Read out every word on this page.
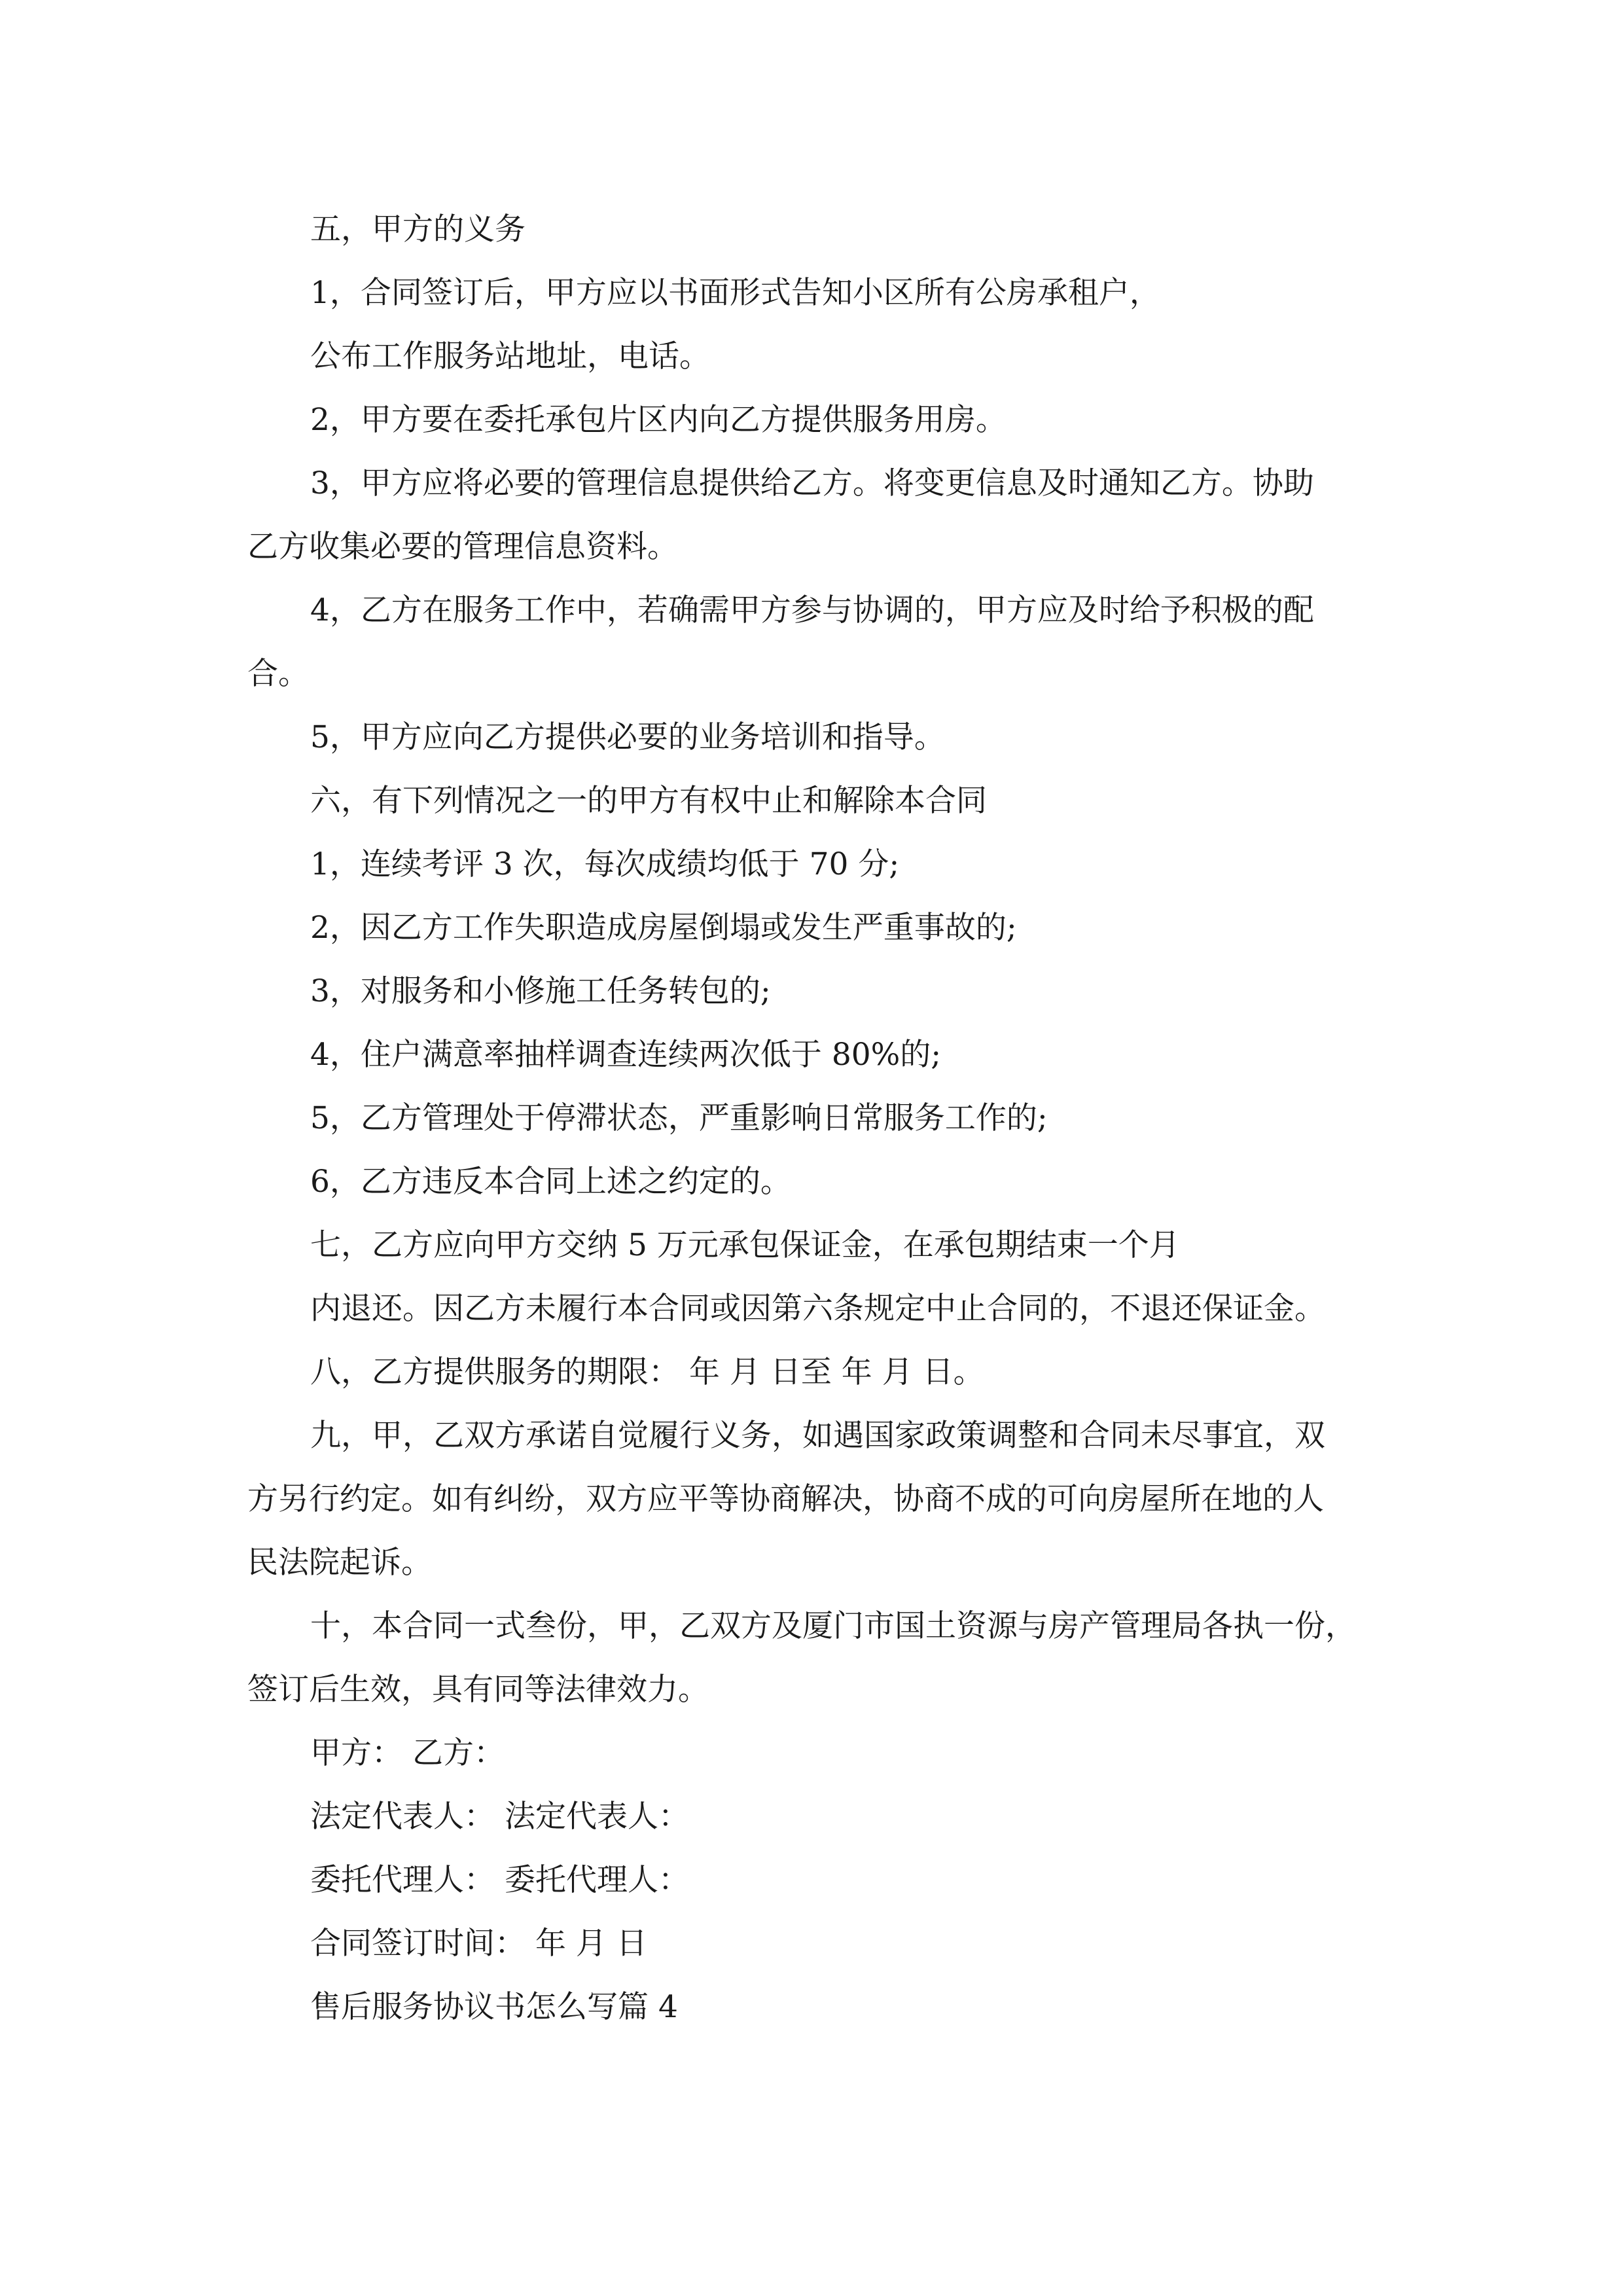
五，甲方的义务
1，合同签订后，甲方应以书面形式告知小区所有公房承租户，
公布工作服务站地址，电话。
2，甲方要在委托承包片区内向乙方提供服务用房。
3，甲方应将必要的管理信息提供给乙方。将变更信息及时通知乙方。协助
乙方收集必要的管理信息资料。
4，乙方在服务工作中，若确需甲方参与协调的，甲方应及时给予积极的配
合。
5，甲方应向乙方提供必要的业务培训和指导。
六，有下列情况之一的甲方有权中止和解除本合同
1，连续考评 3 次，每次成绩均低于 70 分;
2，因乙方工作失职造成房屋倒塌或发生严重事故的;
3，对服务和小修施工任务转包的;
4，住户满意率抽样调查连续两次低于 80%的;
5，乙方管理处于停滞状态，严重影响日常服务工作的;
6，乙方违反本合同上述之约定的。
七，乙方应向甲方交纳 5 万元承包保证金，在承包期结束一个月
内退还。因乙方未履行本合同或因第六条规定中止合同的，不退还保证金。
八，乙方提供服务的期限： 年 月 日至 年 月 日。
九，甲，乙双方承诺自觉履行义务，如遇国家政策调整和合同未尽事宜，双
方另行约定。如有纠纷，双方应平等协商解决，协商不成的可向房屋所在地的人
民法院起诉。
十，本合同一式叁份，甲，乙双方及厦门市国土资源与房产管理局各执一份，
签订后生效，具有同等法律效力。
甲方： 乙方：
法定代表人： 法定代表人：
委托代理人： 委托代理人：
合同签订时间： 年 月 日
售后服务协议书怎么写篇 4
